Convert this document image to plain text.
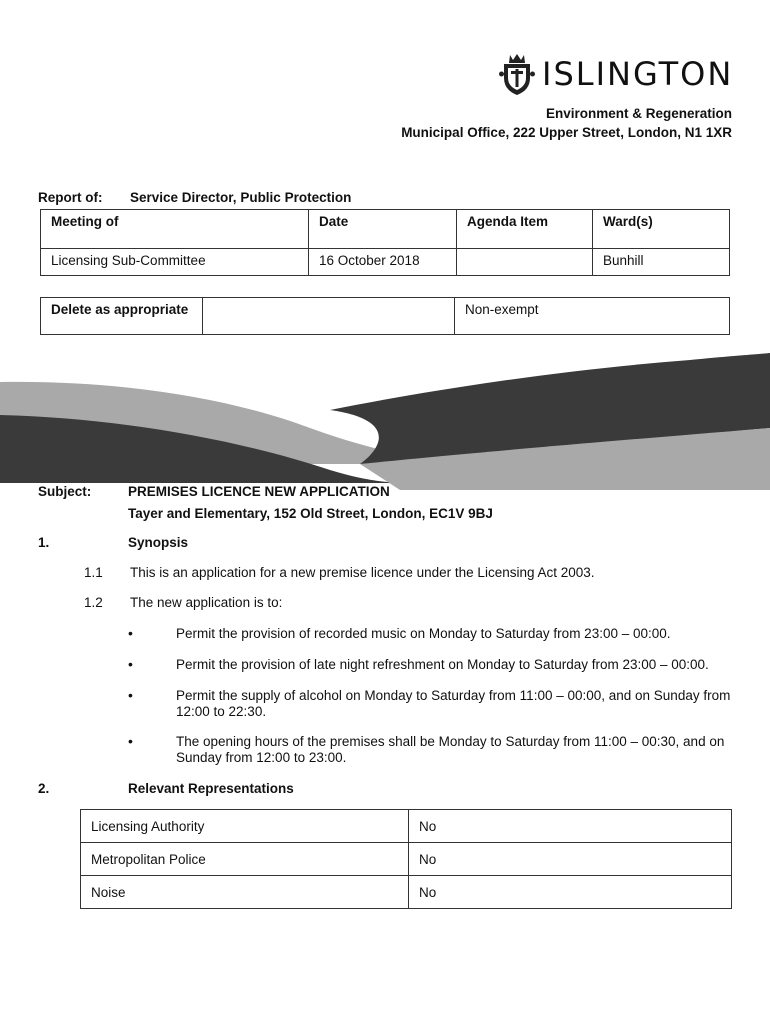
ISLINGTON
Environment & Regeneration
Municipal Office, 222 Upper Street, London, N1 1XR
Report of: Service Director, Public Protection
Meeting of	Date	Agenda Item	Ward(s)
Licensing Sub-Committee	16 October 2018		Bunhill
Delete as appropriate		Non-exempt
Subject:	PREMISES LICENCE NEW APPLICATION
Tayer and Elementary, 152 Old Street, London, EC1V 9BJ
1.	Synopsis
1.1 This is an application for a new premise licence under the Licensing Act 2003.
1.2 The new application is to:
•	Permit the provision of recorded music on Monday to Saturday from 23:00 – 00:00.
•	Permit the provision of late night refreshment on Monday to Saturday from 23:00 – 00:00.
•	Permit the supply of alcohol on Monday to Saturday from 11:00 – 00:00, and on Sunday from 12:00 to 22:30.
•	The opening hours of the premises shall be Monday to Saturday from 11:00 – 00:30, and on Sunday from 12:00 to 23:00.
2.	Relevant Representations
Licensing Authority	No
Metropolitan Police	No
Noise	No
